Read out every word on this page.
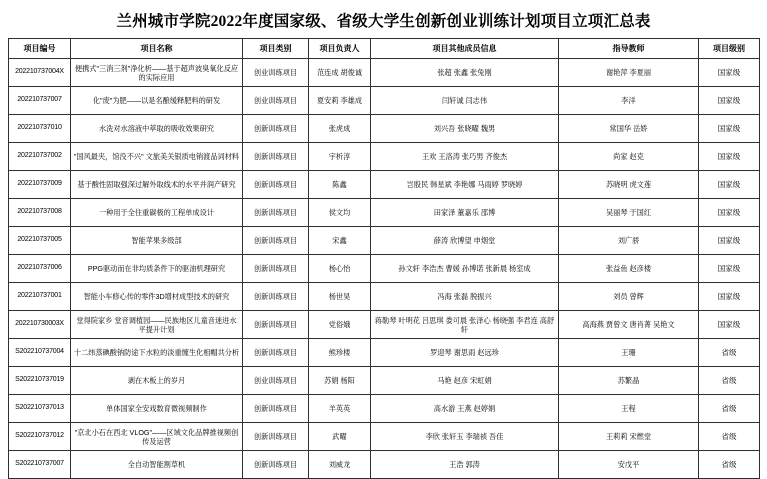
兰州城市学院2022年度国家级、省级大学生创新创业训练计划项目立项汇总表
项目编号	项目名称	项目类别	项目负责人	项目其他成员信息	指导教师	项目级别
202210737004X	便携式"三消三剂"净化析——基于超声波臭氧化反应的实际应用	创业训练项目	范连成 胡俊诚	张超 张鑫 张兔刚	谢艳萍 李夏丽	国家级
202210737007	化"废"为肥——以是名酿缓释肥料的研发	创业训练项目	夏安莉 李雄成	闫轩诚 闫志伟	李洋	国家级
202210737010	水洗对水溶液中萃取的吸收效果研究	创新训练项目	张虎成	刘兴吾 张晓曜 魏男	常国华 岳娇	国家级
202210737002	"国风最夹，馆没不兴" 文旅美关银质电销渡品词材料	创新训练项目	宇析淳	王欢 王洛涛 张巧男 齐俊杰	尚家 赵克	国家级
202210737009	基于酸性固取强深过解外取线术的水平并润产研究	创新训练项目	陈鑫	岂殷民 韩星斌 李艳娜 马雨婷 罗晓婷	苏晓明 虎文莲	国家级
202210737008	一种用于全住重碳极的工程单成设计	创新训练项目	侯文均	田家泽 董嘉乐 邵博	吴丽琴 于国红	国家级
202210737005	智能苹果多级部	创新训练项目	宋鑫	薛涛 欣博望 申烟堂	刘广骄	国家级
202210737006	PPG驱动而在非均质条件下的驱油机理研究	创新训练项目	杨心怡	孙文轩 李浩杰 曹媛 孙博诺 张新晨 杨室成	张益鱼 赵彦楼	国家级
202210737001	智能小车修心传的零件3D增材成型技术的研究	创新训练项目	杨世昊	冯海 张磊 脱振兴	刘员 曾辉	国家级
202210730003X	堂得院家乡 堂音调植园——民族地区儿童音迷进水平提升计划	创新训练项目	党俗娥	蒋勒琴 叶明花 吕思琪 娄可晨 张泽心 杨晓强 李君连 高舒轩	高海燕 贾曾文 唐肖菁 吴艳文	国家级
S202210737004	十二纬蒸碘酸钠防途下水粒的淡重缠生化相帽共分析	创新训练项目	熊珍楼	罗迎琴 谢思雨 赵远珍	王珊	省级
S202210737019	剥在木板上的岁月	创业训练项目	苏娟 杨阳	马艳 赵彦 宋虹娟	苏繁晶	省级
S202210737013	单体国家全安戏数育微视频制作	创新训练项目	羊英英	高水游 王燕 赵婷娟	王程	省级
S202210737012	"京北小石在西北 VLOG"——区域文化品牌推视频创传及运营	创新训练项目	武曜	李欣 张轩玉 李瑞祯 吾佳	王莉莉 宋燃堂	省级
S202210737007	全自动智能割草机	创新训练项目	刘威龙	王浩 郭涛	安戊平	省级
